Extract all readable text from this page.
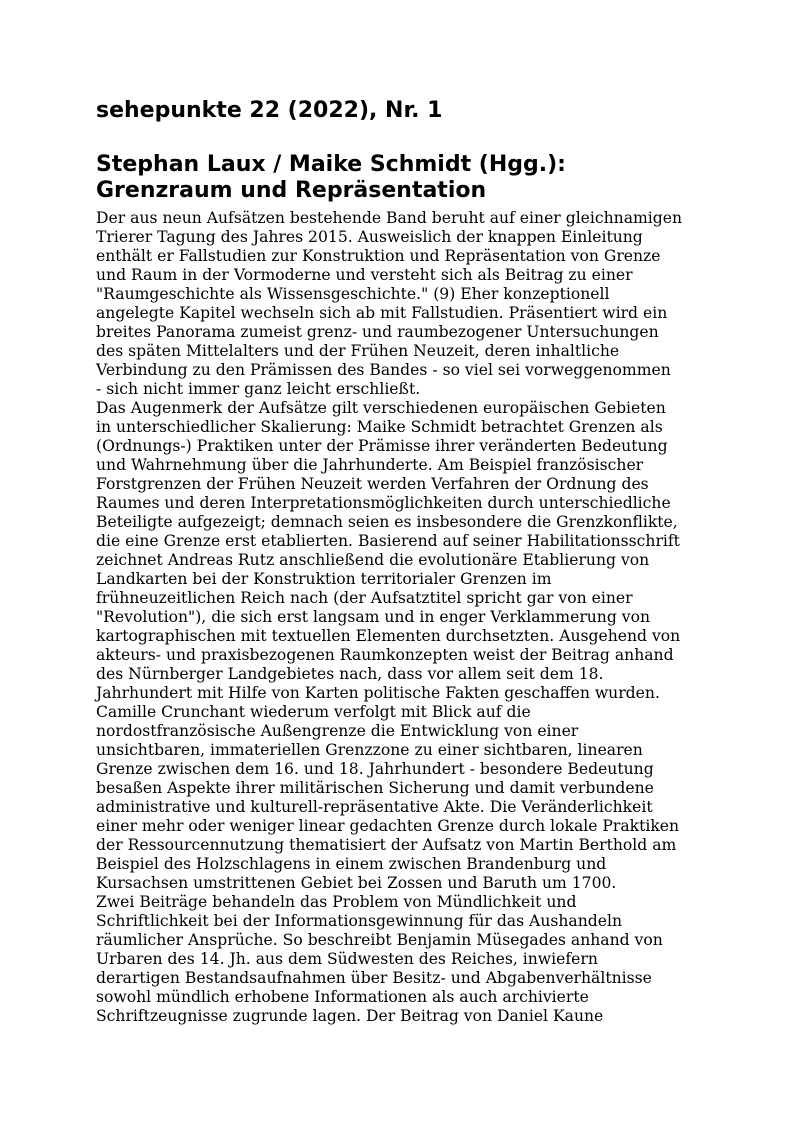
sehepunkte 22 (2022), Nr. 1
Stephan Laux / Maike Schmidt (Hgg.):
Grenzraum und Repräsentation
Der aus neun Aufsätzen bestehende Band beruht auf einer gleichnamigen
Trierer Tagung des Jahres 2015. Ausweislich der knappen Einleitung
enthält er Fallstudien zur Konstruktion und Repräsentation von Grenze
und Raum in der Vormoderne und versteht sich als Beitrag zu einer
"Raumgeschichte als Wissensgeschichte." (9) Eher konzeptionell
angelegte Kapitel wechseln sich ab mit Fallstudien. Präsentiert wird ein
breites Panorama zumeist grenz- und raumbezogener Untersuchungen
des späten Mittelalters und der Frühen Neuzeit, deren inhaltliche
Verbindung zu den Prämissen des Bandes - so viel sei vorweggenommen
- sich nicht immer ganz leicht erschließt.
Das Augenmerk der Aufsätze gilt verschiedenen europäischen Gebieten
in unterschiedlicher Skalierung: Maike Schmidt betrachtet Grenzen als
(Ordnungs-) Praktiken unter der Prämisse ihrer veränderten Bedeutung
und Wahrnehmung über die Jahrhunderte. Am Beispiel französischer
Forstgrenzen der Frühen Neuzeit werden Verfahren der Ordnung des
Raumes und deren Interpretationsmöglichkeiten durch unterschiedliche
Beteiligte aufgezeigt; demnach seien es insbesondere die Grenzkonflikte,
die eine Grenze erst etablierten. Basierend auf seiner Habilitationsschrift
zeichnet Andreas Rutz anschließend die evolutionäre Etablierung von
Landkarten bei der Konstruktion territorialer Grenzen im
frühneuzeitlichen Reich nach (der Aufsatztitel spricht gar von einer
"Revolution"), die sich erst langsam und in enger Verklammerung von
kartographischen mit textuellen Elementen durchsetzten. Ausgehend von
akteurs- und praxisbezogenen Raumkonzepten weist der Beitrag anhand
des Nürnberger Landgebietes nach, dass vor allem seit dem 18.
Jahrhundert mit Hilfe von Karten politische Fakten geschaffen wurden.
Camille Crunchant wiederum verfolgt mit Blick auf die
nordostfranzösische Außengrenze die Entwicklung von einer
unsichtbaren, immateriellen Grenzzone zu einer sichtbaren, linearen
Grenze zwischen dem 16. und 18. Jahrhundert - besondere Bedeutung
besaßen Aspekte ihrer militärischen Sicherung und damit verbundene
administrative und kulturell-repräsentative Akte. Die Veränderlichkeit
einer mehr oder weniger linear gedachten Grenze durch lokale Praktiken
der Ressourcennutzung thematisiert der Aufsatz von Martin Berthold am
Beispiel des Holzschlagens in einem zwischen Brandenburg und
Kursachsen umstrittenen Gebiet bei Zossen und Baruth um 1700.
Zwei Beiträge behandeln das Problem von Mündlichkeit und
Schriftlichkeit bei der Informationsgewinnung für das Aushandeln
räumlicher Ansprüche. So beschreibt Benjamin Müsegades anhand von
Urbaren des 14. Jh. aus dem Südwesten des Reiches, inwiefern
derartigen Bestandsaufnahmen über Besitz- und Abgabenverhältnisse
sowohl mündlich erhobene Informationen als auch archivierte
Schriftzeugnisse zugrunde lagen. Der Beitrag von Daniel Kaune
